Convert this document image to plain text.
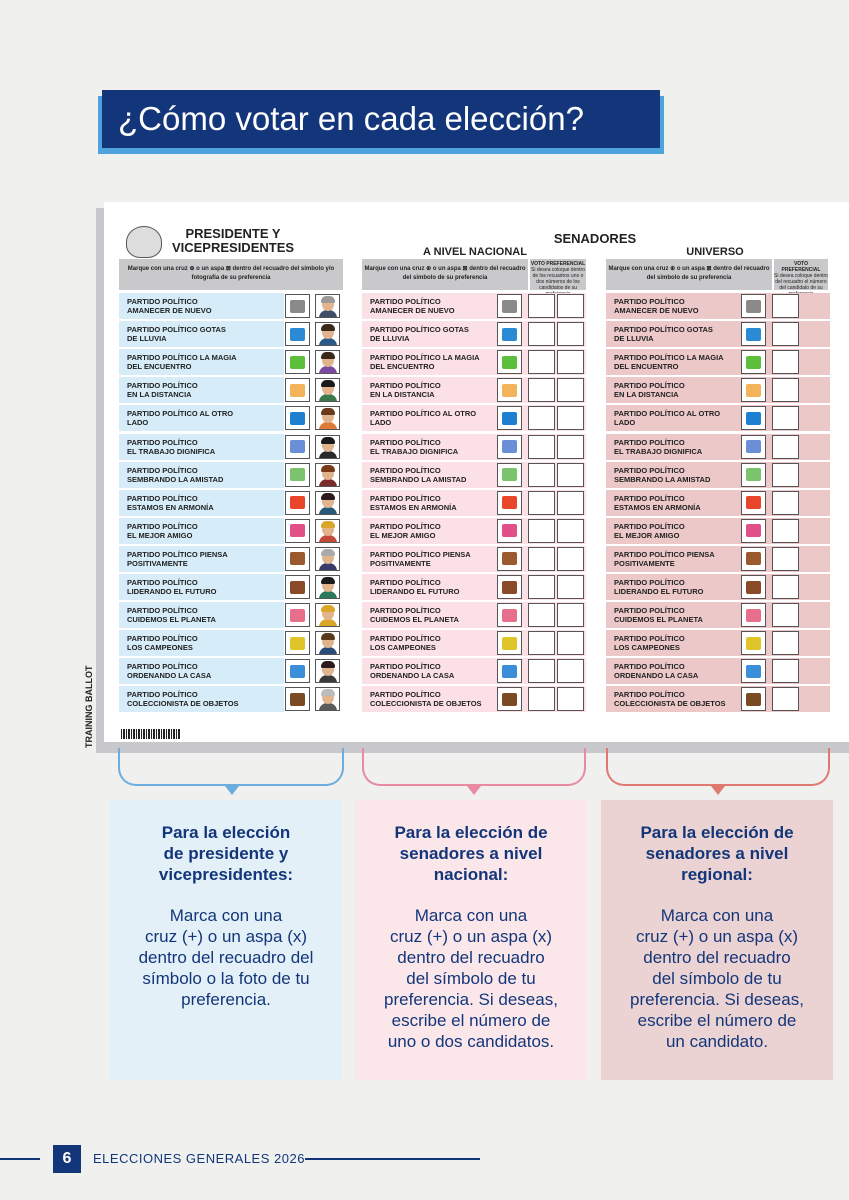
¿Cómo votar en cada elección?
PRESIDENTE Y VICEPRESIDENTES
SENADORES
A NIVEL NACIONAL	UNIVERSO
Marque con una cruz ⊕ o un aspa ⊠ dentro del recuadro del símbolo y/o fotografía de su preferencia
Marque con una cruz ⊕ o un aspa ⊠ dentro del recuadro del símbolo de su preferencia
VOTO PREFERENCIAL
Si desea coloque dentro de los recuadros uno o dos números de los candidatos de su
Marque con una cruz ⊕ o un aspa ⊠ dentro del recuadro del símbolo de su preferencia
VOTO PREFERENCIAL
Si desea coloque dentro del recuadro el número del candidato de su
PARTIDO POLÍTICO
AMANECER DE NUEVO
PARTIDO POLÍTICO GOTAS
DE LLUVIA
PARTIDO POLÍTICO LA MAGIA
DEL ENCUENTRO
PARTIDO POLÍTICO
EN LA DISTANCIA
PARTIDO POLÍTICO AL OTRO
LADO
PARTIDO POLÍTICO
EL TRABAJO DIGNIFICA
PARTIDO POLÍTICO
SEMBRANDO LA AMISTAD
PARTIDO POLÍTICO
ESTAMOS EN ARMONÍA
PARTIDO POLÍTICO
EL MEJOR AMIGO
PARTIDO POLÍTICO PIENSA
POSITIVAMENTE
PARTIDO POLÍTICO
LIDERANDO EL FUTURO
PARTIDO POLÍTICO
CUIDEMOS EL PLANETA
PARTIDO POLÍTICO
LOS CAMPEONES
PARTIDO POLÍTICO
ORDENANDO LA CASA
PARTIDO POLÍTICO
COLECCIONISTA DE OBJETOS
PARTIDO POLÍTICO
AMANECER DE NUEVO
PARTIDO POLÍTICO GOTAS
DE LLUVIA
PARTIDO POLÍTICO LA MAGIA
DEL ENCUENTRO
PARTIDO POLÍTICO
EN LA DISTANCIA
PARTIDO POLÍTICO AL OTRO
LADO
PARTIDO POLÍTICO
EL TRABAJO DIGNIFICA
PARTIDO POLÍTICO
SEMBRANDO LA AMISTAD
PARTIDO POLÍTICO
ESTAMOS EN ARMONÍA
PARTIDO POLÍTICO
EL MEJOR AMIGO
PARTIDO POLÍTICO PIENSA
POSITIVAMENTE
PARTIDO POLÍTICO
LIDERANDO EL FUTURO
PARTIDO POLÍTICO
CUIDEMOS EL PLANETA
PARTIDO POLÍTICO
LOS CAMPEONES
PARTIDO POLÍTICO
ORDENANDO LA CASA
PARTIDO POLÍTICO
COLECCIONISTA DE OBJETOS
PARTIDO POLÍTICO
AMANECER DE NUEVO
PARTIDO POLÍTICO GOTAS
DE LLUVIA
PARTIDO POLÍTICO LA MAGIA
DEL ENCUENTRO
PARTIDO POLÍTICO
EN LA DISTANCIA
PARTIDO POLÍTICO AL OTRO
LADO
PARTIDO POLÍTICO
EL TRABAJO DIGNIFICA
PARTIDO POLÍTICO
SEMBRANDO LA AMISTAD
PARTIDO POLÍTICO
ESTAMOS EN ARMONÍA
PARTIDO POLÍTICO
EL MEJOR AMIGO
PARTIDO POLÍTICO PIENSA
POSITIVAMENTE
PARTIDO POLÍTICO
LIDERANDO EL FUTURO
PARTIDO POLÍTICO
CUIDEMOS EL PLANETA
PARTIDO POLÍTICO
LOS CAMPEONES
PARTIDO POLÍTICO
ORDENANDO LA CASA
PARTIDO POLÍTICO
COLECCIONISTA DE OBJETOS
TRAINING BALLOT
Para la elección
de presidente y
vicepresidentes:
Marca con una
cruz (+) o un aspa (x)
dentro del recuadro del
símbolo o la foto de tu
preferencia.
Para la elección de
senadores a nivel
nacional:
Marca con una
cruz (+) o un aspa (x)
dentro del recuadro
del símbolo de tu
preferencia. Si deseas,
escribe el número de
uno o dos candidatos.
Para la elección de
senadores a nivel
regional:
Marca con una
cruz (+) o un aspa (x)
dentro del recuadro
del símbolo de tu
preferencia. Si deseas,
escribe el número de
un candidato.
6	ELECCIONES GENERALES 2026
